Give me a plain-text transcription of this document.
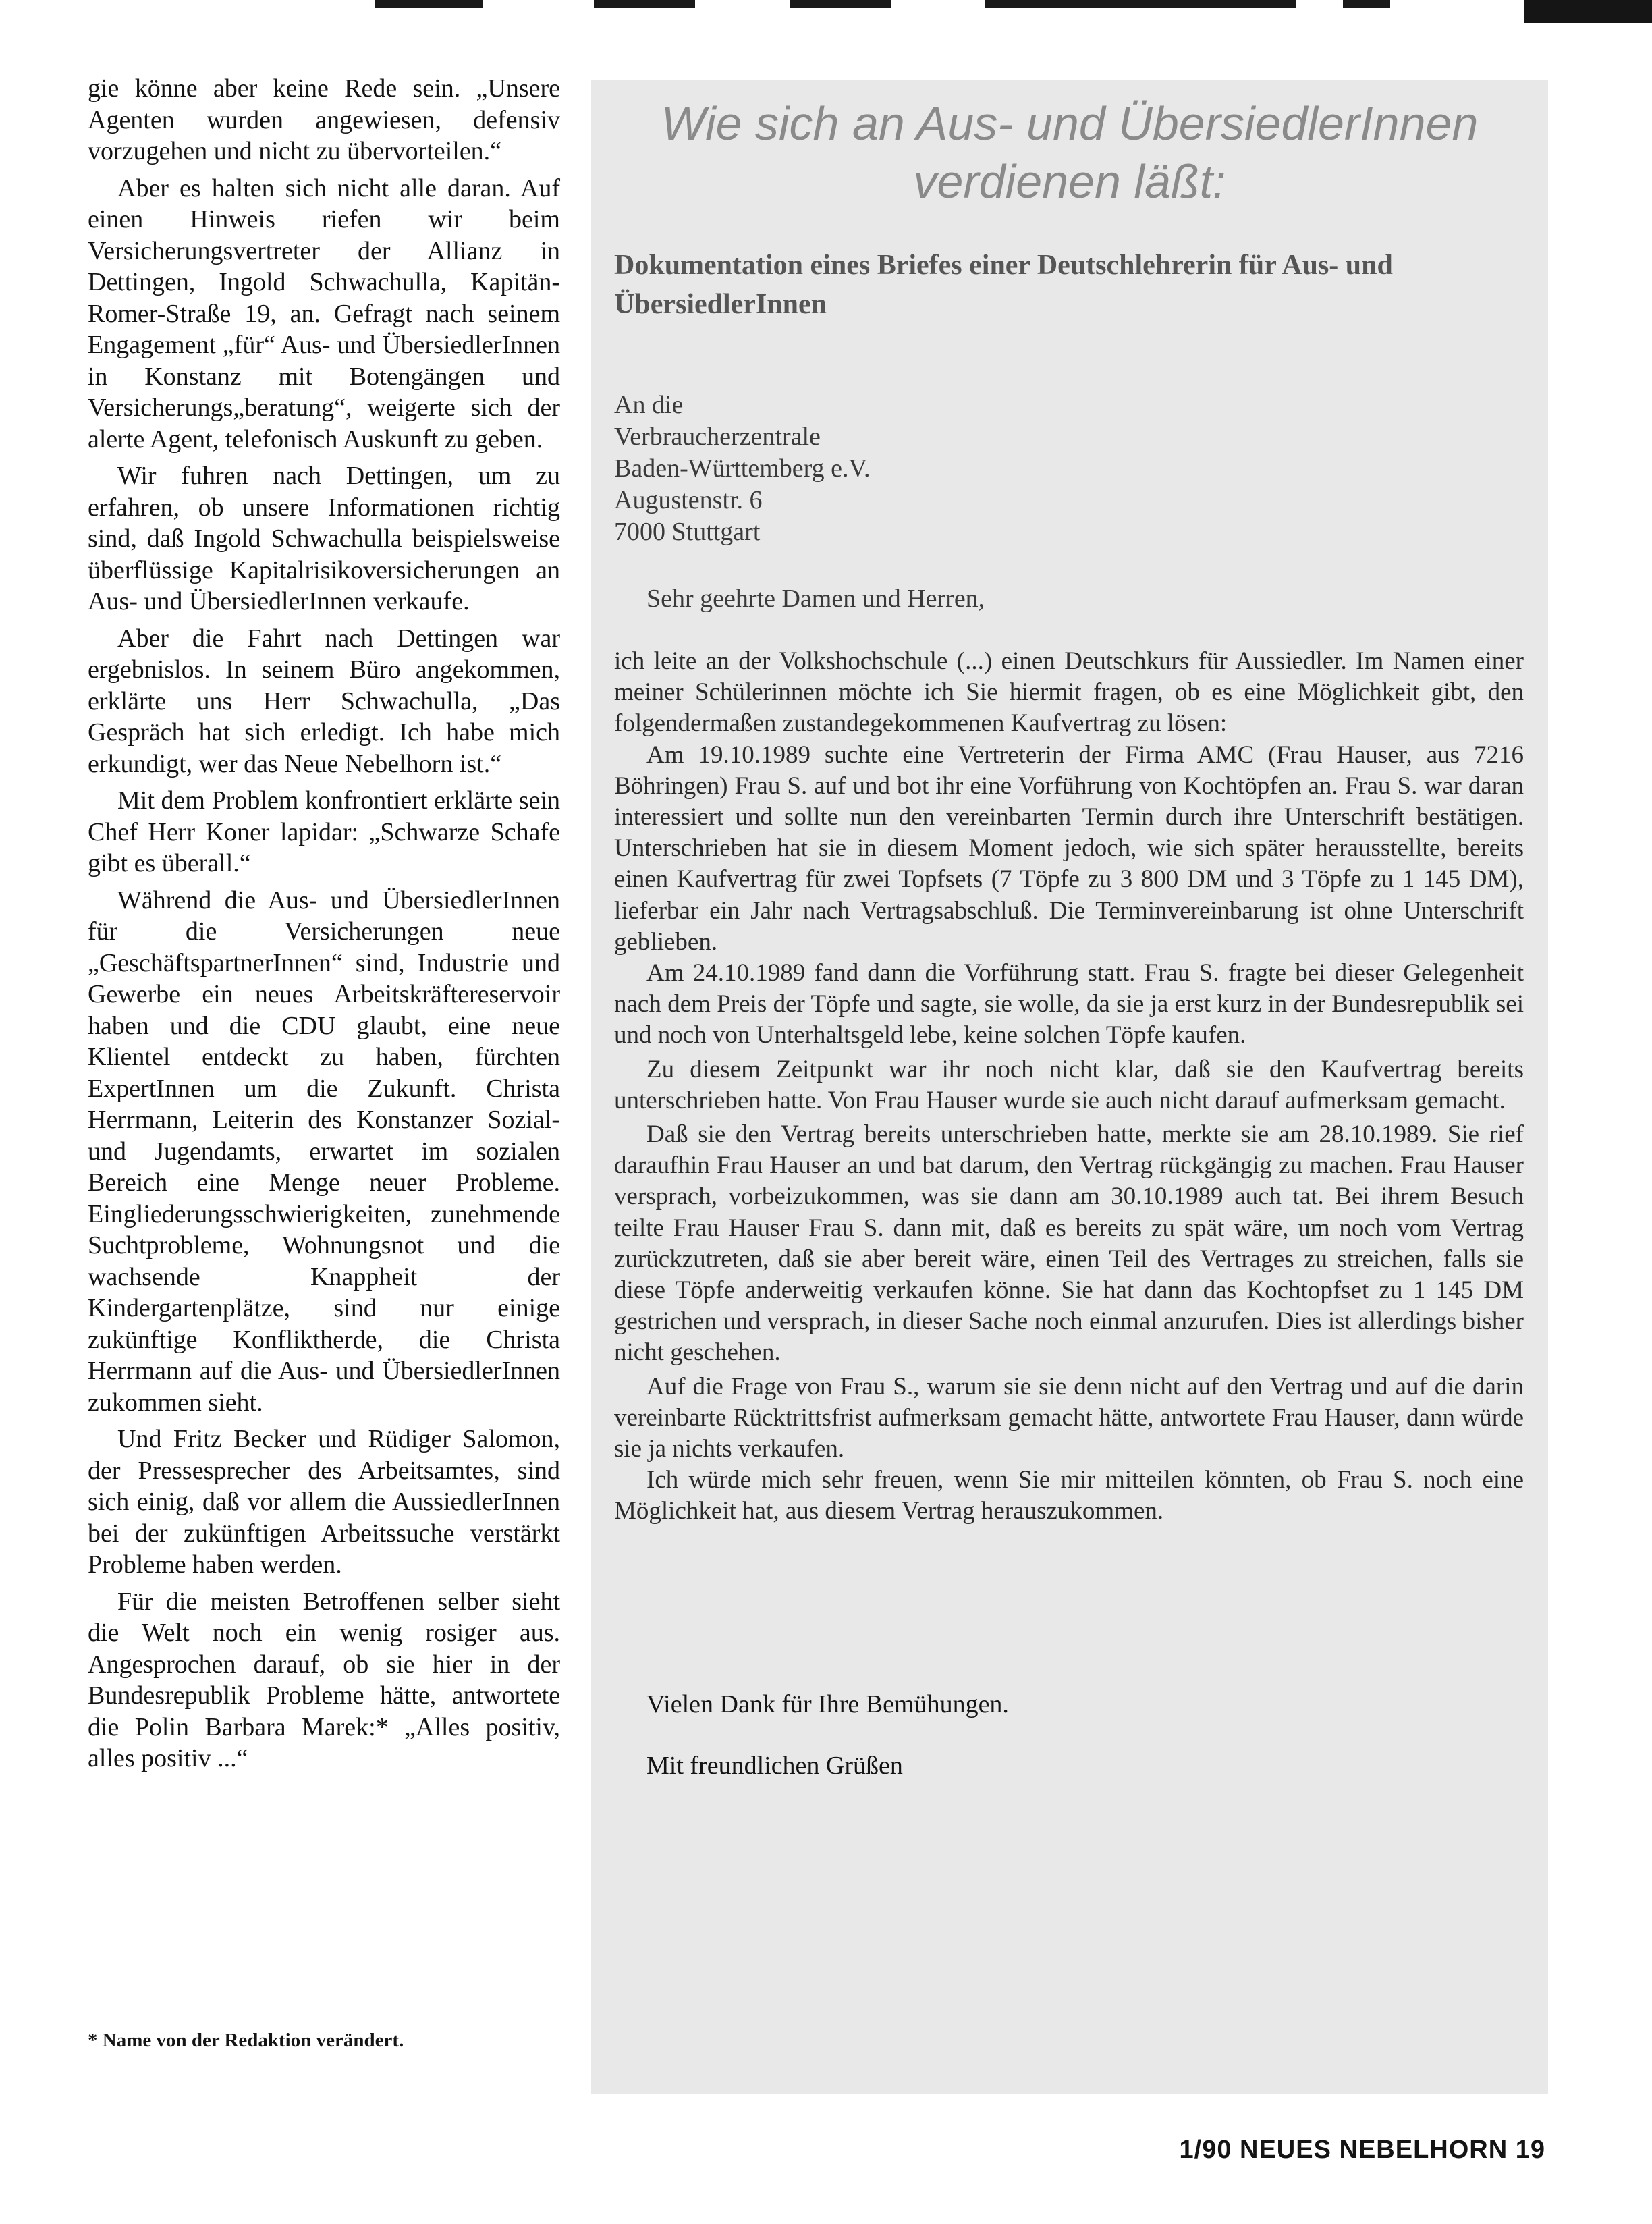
gie könne aber keine Rede sein. „Unsere Agenten wurden angewiesen, defensiv vorzugehen und nicht zu übervorteilen.“

Aber es halten sich nicht alle daran. Auf einen Hinweis riefen wir beim Versicherungsvertreter der Allianz in Dettingen, Ingold Schwachulla, Kapitän-Romer-Straße 19, an. Gefragt nach seinem Engagement „für“ Aus- und ÜbersiedlerInnen in Konstanz mit Botengängen und Versicherungs„beratung“, weigerte sich der alerte Agent, telefonisch Auskunft zu geben.

Wir fuhren nach Dettingen, um zu erfahren, ob unsere Informationen richtig sind, daß Ingold Schwachulla beispielsweise überflüssige Kapitalrisikoversicherungen an Aus- und ÜbersiedlerInnen verkaufe.

Aber die Fahrt nach Dettingen war ergebnislos. In seinem Büro angekommen, erklärte uns Herr Schwachulla, „Das Gespräch hat sich erledigt. Ich habe mich erkundigt, wer das Neue Nebelhorn ist.“

Mit dem Problem konfrontiert erklärte sein Chef Herr Koner lapidar: „Schwarze Schafe gibt es überall.“

Während die Aus- und ÜbersiedlerInnen für die Versicherungen neue „GeschäftspartnerInnen“ sind, Industrie und Gewerbe ein neues Arbeitskräftereservoir haben und die CDU glaubt, eine neue Klientel entdeckt zu haben, fürchten ExpertInnen um die Zukunft. Christa Herrmann, Leiterin des Konstanzer Sozial- und Jugendamts, erwartet im sozialen Bereich eine Menge neuer Probleme. Eingliederungsschwierigkeiten, zunehmende Suchtprobleme, Wohnungsnot und die wachsende Knappheit der Kindergartenplätze, sind nur einige zukünftige Konfliktherde, die Christa Herrmann auf die Aus- und ÜbersiedlerInnen zukommen sieht.

Und Fritz Becker und Rüdiger Salomon, der Pressesprecher des Arbeitsamtes, sind sich einig, daß vor allem die AussiedlerInnen bei der zukünftigen Arbeitssuche verstärkt Probleme haben werden.

Für die meisten Betroffenen selber sieht die Welt noch ein wenig rosiger aus. Angesprochen darauf, ob sie hier in der Bundesrepublik Probleme hätte, antwortete die Polin Barbara Marek:* „Alles positiv, alles positiv ...“

* Name von der Redaktion verändert.
Wie sich an Aus- und ÜbersiedlerInnen verdienen läßt:
Dokumentation eines Briefes einer Deutschlehrerin für Aus- und ÜbersiedlerInnen
An die
Verbraucherzentrale
Baden-Württemberg e.V.
Augustenstr. 6
7000 Stuttgart
Sehr geehrte Damen und Herren,

ich leite an der Volkshochschule (...) einen Deutschkurs für Aussiedler. Im Namen einer meiner Schülerinnen möchte ich Sie hiermit fragen, ob es eine Möglichkeit gibt, den folgendermaßen zustandegekommenen Kaufvertrag zu lösen:

Am 19.10.1989 suchte eine Vertreterin der Firma AMC (Frau Hauser, aus 7216 Böhringen) Frau S. auf und bot ihr eine Vorführung von Kochtöpfen an. Frau S. war daran interessiert und sollte nun den vereinbarten Termin durch ihre Unterschrift bestätigen. Unterschrieben hat sie in diesem Moment jedoch, wie sich später herausstellte, bereits einen Kaufvertrag für zwei Topfsets (7 Töpfe zu 3 800 DM und 3 Töpfe zu 1 145 DM), lieferbar ein Jahr nach Vertragsabschluß. Die Terminvereinbarung ist ohne Unterschrift geblieben.

Am 24.10.1989 fand dann die Vorführung statt. Frau S. fragte bei dieser Gelegenheit nach dem Preis der Töpfe und sagte, sie wolle, da sie ja erst kurz in der Bundesrepublik sei und noch von Unterhaltsgeld lebe, keine solchen Töpfe kaufen.

Zu diesem Zeitpunkt war ihr noch nicht klar, daß sie den Kaufvertrag bereits unterschrieben hatte. Von Frau Hauser wurde sie auch nicht darauf aufmerksam gemacht.

Daß sie den Vertrag bereits unterschrieben hatte, merkte sie am 28.10.1989. Sie rief daraufhin Frau Hauser an und bat darum, den Vertrag rückgängig zu machen. Frau Hauser versprach, vorbeizukommen, was sie dann am 30.10.1989 auch tat. Bei ihrem Besuch teilte Frau Hauser Frau S. dann mit, daß es bereits zu spät wäre, um noch vom Vertrag zurückzutreten, daß sie aber bereit wäre, einen Teil des Vertrages zu streichen, falls sie diese Töpfe anderweitig verkaufen könne. Sie hat dann das Kochtopfset zu 1 145 DM gestrichen und versprach, in dieser Sache noch einmal anzurufen. Dies ist allerdings bisher nicht geschehen.

Auf die Frage von Frau S., warum sie sie denn nicht auf den Vertrag und auf die darin vereinbarte Rücktrittsfrist aufmerksam gemacht hätte, antwortete Frau Hauser, dann würde sie ja nichts verkaufen.

Ich würde mich sehr freuen, wenn Sie mir mitteilen könnten, ob Frau S. noch eine Möglichkeit hat, aus diesem Vertrag herauszukommen.

Vielen Dank für Ihre Bemühungen.
Mit freundlichen Grüßen
1/90 NEUES NEBELHORN 19
